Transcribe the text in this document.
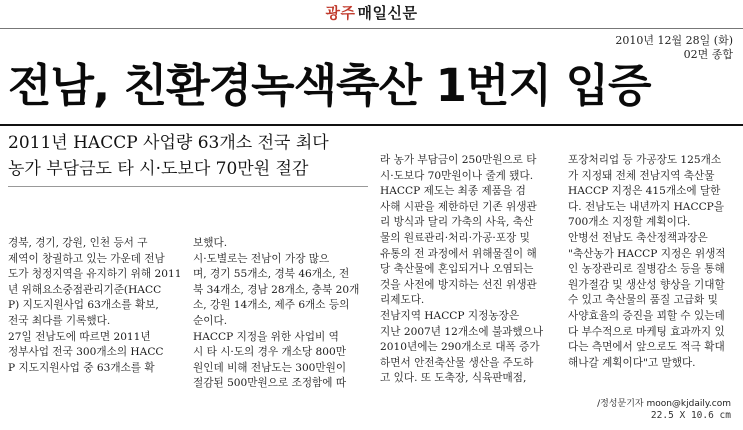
광주 매일신문
2010년 12월 28일 (화)
02면 종합
전남, 친환경녹색축산 1번지 입증
2011년 HACCP 사업량 63개소 전국 최다
농가 부담금도 타 시·도보다 70만원 절감
경북, 경기, 강원, 인천 등서 구
제역이 창궐하고 있는 가운데 전남
도가 청정지역을 유지하기 위해 2011
년 위해요소중점관리기준(HACC
P) 지도지원사업 63개소를 확보,
전국 최다를 기록했다.
27일 전남도에 따르면 2011년
정부사업 전국 300개소의 HACC
P 지도지원사업 중 63개소를 확
보했다.
시·도별로는 전남이 가장 많으
며, 경기 55개소, 경북 46개소, 전
북 34개소, 경남 28개소, 충북 20개
소, 강원 14개소, 제주 6개소 등의
순이다.
HACCP 지정을 위한 사업비 역
시 타 시·도의 경우 개소당 800만
원인데 비해 전남도는 300만원이
절감된 500만원으로 조정함에 따
라 농가 부담금이 250만원으로 타
시·도보다 70만원이나 줄게 됐다.
HACCP 제도는 최종 제품을 검
사해 시판을 제한하던 기존 위생관
리 방식과 달리 가축의 사육, 축산
물의 원료관리·처리·가공·포장 및
유통의 전 과정에서 위해물질이 해
당 축산물에 혼입되거나 오염되는
것을 사전에 방지하는 선진 위생관
리제도다.
전남지역 HACCP 지정농장은
지난 2007년 12개소에 불과했으나
2010년에는 290개소로 대폭 증가
하면서 안전축산물 생산을 주도하
고 있다. 또 도축장, 식육판매점,
포장처리업 등 가공장도 125개소
가 지정돼 전체 전남지역 축산물
HACCP 지정은 415개소에 달한
다. 전남도는 내년까지 HACCP을
700개소 지정할 계획이다.
안병선 전남도 축산정책과장은
"축산농가 HACCP 지정은 위생적
인 농장관리로 질병감소 등을 통해
원가절감 및 생산성 향상을 기대할
수 있고 축산물의 품질 고급화 및
사양효율의 증진을 꾀할 수 있는데
다 부수적으로 마케팅 효과까지 있
다는 측면에서 앞으로도 적극 확대
해나갈 계획이다"고 말했다.
/정성문기자 moon@kjdaily.com
22.5 X 10.6 cm
